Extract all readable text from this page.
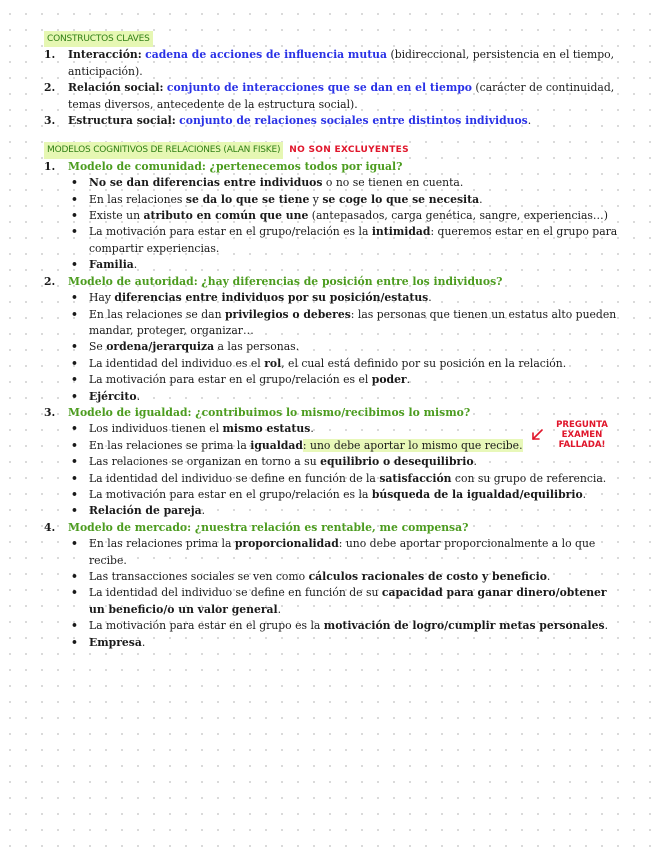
CONSTRUCTOS CLAVES
1. Interacción: cadena de acciones de influencia mutua (bidireccional, persistencia en el tiempo, anticipación).
2. Relación social: conjunto de interacciones que se dan en el tiempo (carácter de continuidad, temas diversos, antecedente de la estructura social).
3. Estructura social: conjunto de relaciones sociales entre distintos individuos.
MODELOS COGNITIVOS DE RELACIONES (ALAN FISKE) NO SON EXCLUYENTES
1. Modelo de comunidad: ¿pertenecemos todos por igual?
• No se dan diferencias entre individuos o no se tienen en cuenta.
• En las relaciones se da lo que se tiene y se coge lo que se necesita.
• Existe un atributo en común que une (antepasados, carga genética, sangre, experiencias…)
• La motivación para estar en el grupo/relación es la intimidad: queremos estar en el grupo para compartir experiencias.
• Familia.
2. Modelo de autoridad: ¿hay diferencias de posición entre los individuos?
• Hay diferencias entre individuos por su posición/estatus.
• En las relaciones se dan privilegios o deberes: las personas que tienen un estatus alto pueden mandar, proteger, organizar…
• Se ordena/jerarquiza a las personas.
• La identidad del individuo es el rol, el cual está definido por su posición en la relación.
• La motivación para estar en el grupo/relación es el poder.
• Ejército.
3. Modelo de igualdad: ¿contribuimos lo mismo/recibimos lo mismo?
• Los individuos tienen el mismo estatus.
• En las relaciones se prima la igualdad: uno debe aportar lo mismo que recibe.
• Las relaciones se organizan en torno a su equilibrio o desequilibrio.
• La identidad del individuo se define en función de la satisfacción con su grupo de referencia.
• La motivación para estar en el grupo/relación es la búsqueda de la igualdad/equilibrio.
• Relación de pareja.
4. Modelo de mercado: ¿nuestra relación es rentable, me compensa?
• En las relaciones prima la proporcionalidad: uno debe aportar proporcionalmente a lo que recibe.
• Las transacciones sociales se ven como cálculos racionales de costo y beneficio.
• La identidad del individuo se define en función de su capacidad para ganar dinero/obtener un beneficio/o un valor general.
• La motivación para estar en el grupo es la motivación de logro/cumplir metas personales.
• Empresa.
PREGUNTA
EXAMEN
FALLADA!
